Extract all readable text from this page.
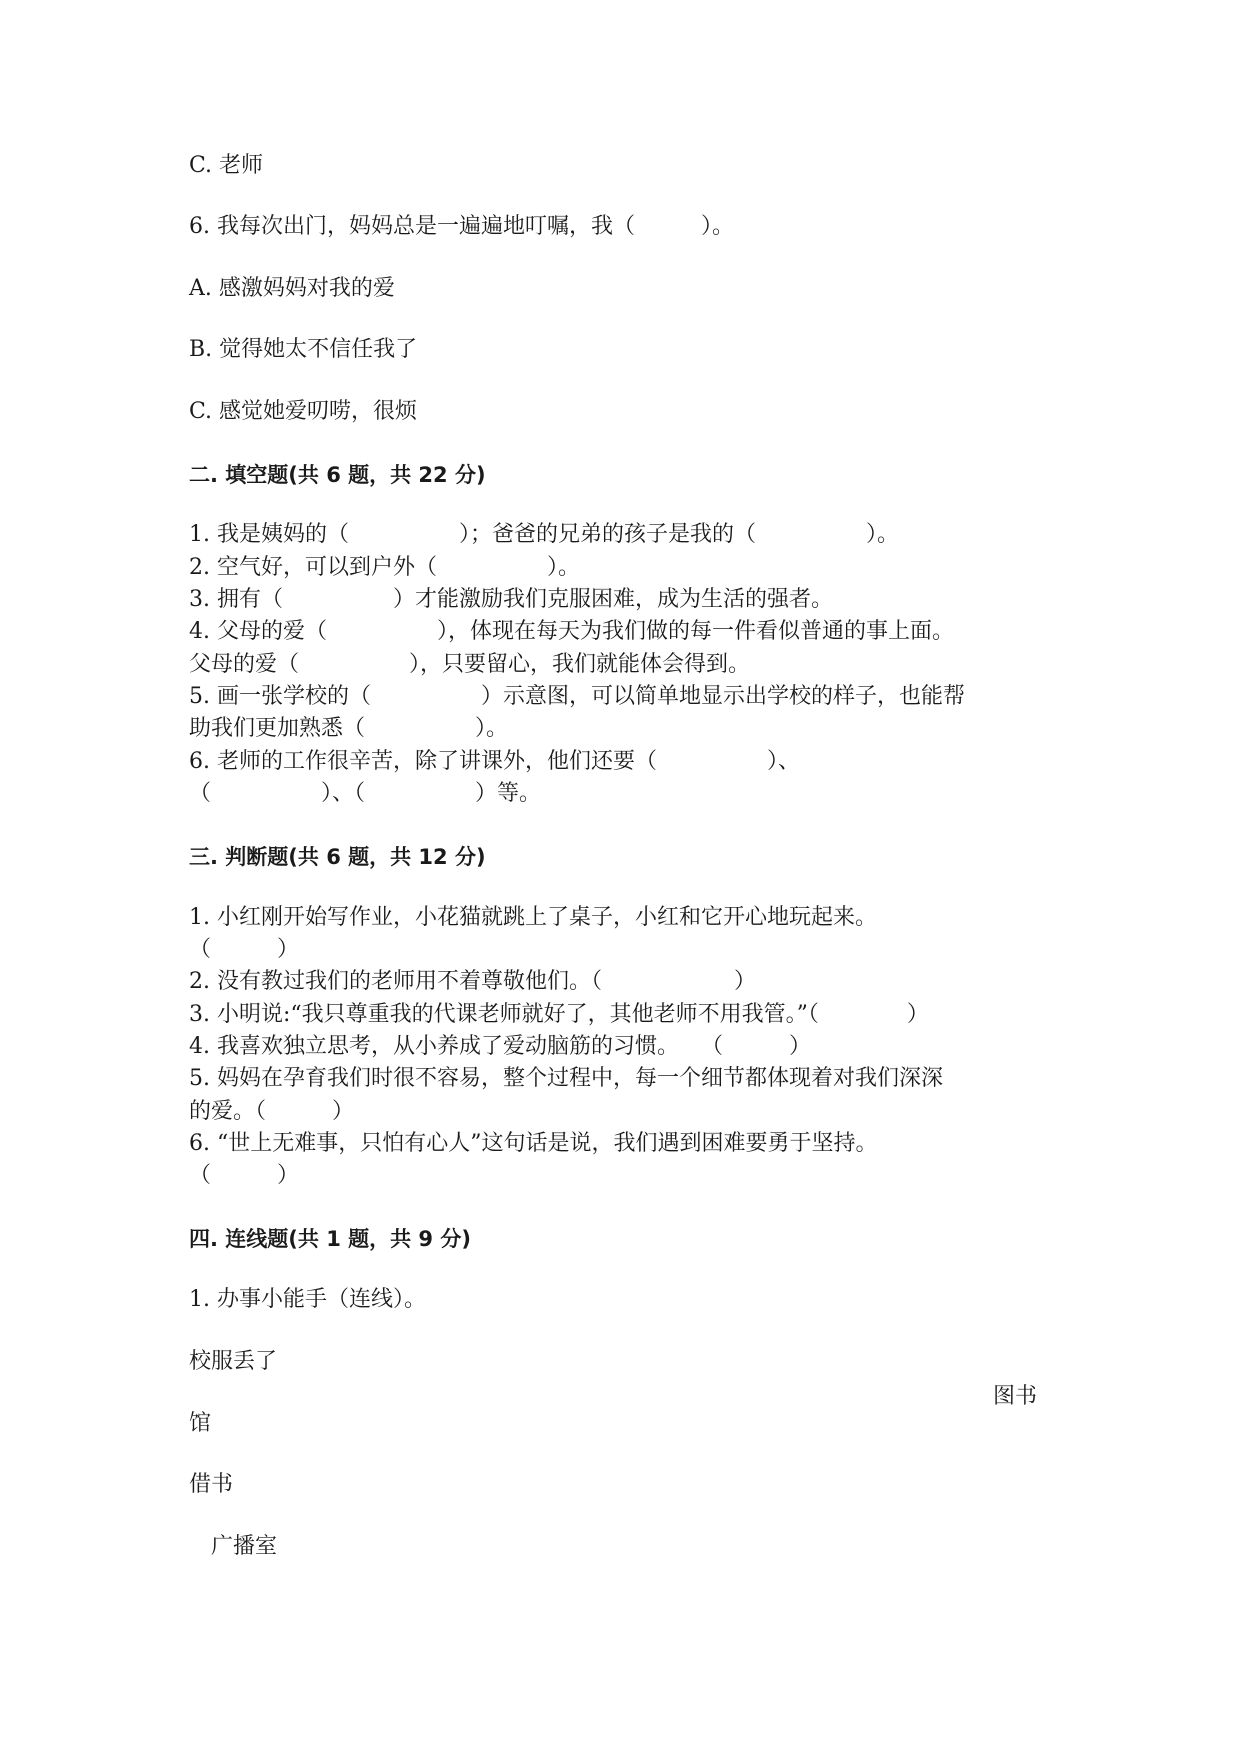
C. 老师
6. 我每次出门，妈妈总是一遍遍地叮嘱，我（　　　）。
A. 感激妈妈对我的爱
B. 觉得她太不信任我了
C. 感觉她爱叨唠，很烦
二. 填空题(共 6 题，共 22 分)
1. 我是姨妈的（　　　　　）；爸爸的兄弟的孩子是我的（　　　　　）。
2. 空气好，可以到户外（　　　　　）。
3. 拥有（　　　　　）才能激励我们克服困难，成为生活的强者。
4. 父母的爱（　　　　　），体现在每天为我们做的每一件看似普通的事上面。
父母的爱（　　　　　），只要留心，我们就能体会得到。
5. 画一张学校的（　　　　　）示意图，可以简单地显示出学校的样子，也能帮
助我们更加熟悉（　　　　　）。
6. 老师的工作很辛苦，除了讲课外，他们还要（　　　　　）、
（　　　　　）、（　　　　　）等。
三. 判断题(共 6 题，共 12 分)
1. 小红刚开始写作业，小花猫就跳上了桌子，小红和它开心地玩起来。
（　　　）
2. 没有教过我们的老师用不着尊敬他们。（　　　　　　）
3. 小明说:“我只尊重我的代课老师就好了，其他老师不用我管。”（　　　　）
4. 我喜欢独立思考，从小养成了爱动脑筋的习惯。　　（　　　）
5. 妈妈在孕育我们时很不容易，整个过程中，每一个细节都体现着对我们深深
的爱。（　　　）
6. “世上无难事，只怕有心人”这句话是说，我们遇到困难要勇于坚持。
（　　　）
四. 连线题(共 1 题，共 9 分)
1. 办事小能手（连线）。
校服丢了
图书
馆
借书
广播室
